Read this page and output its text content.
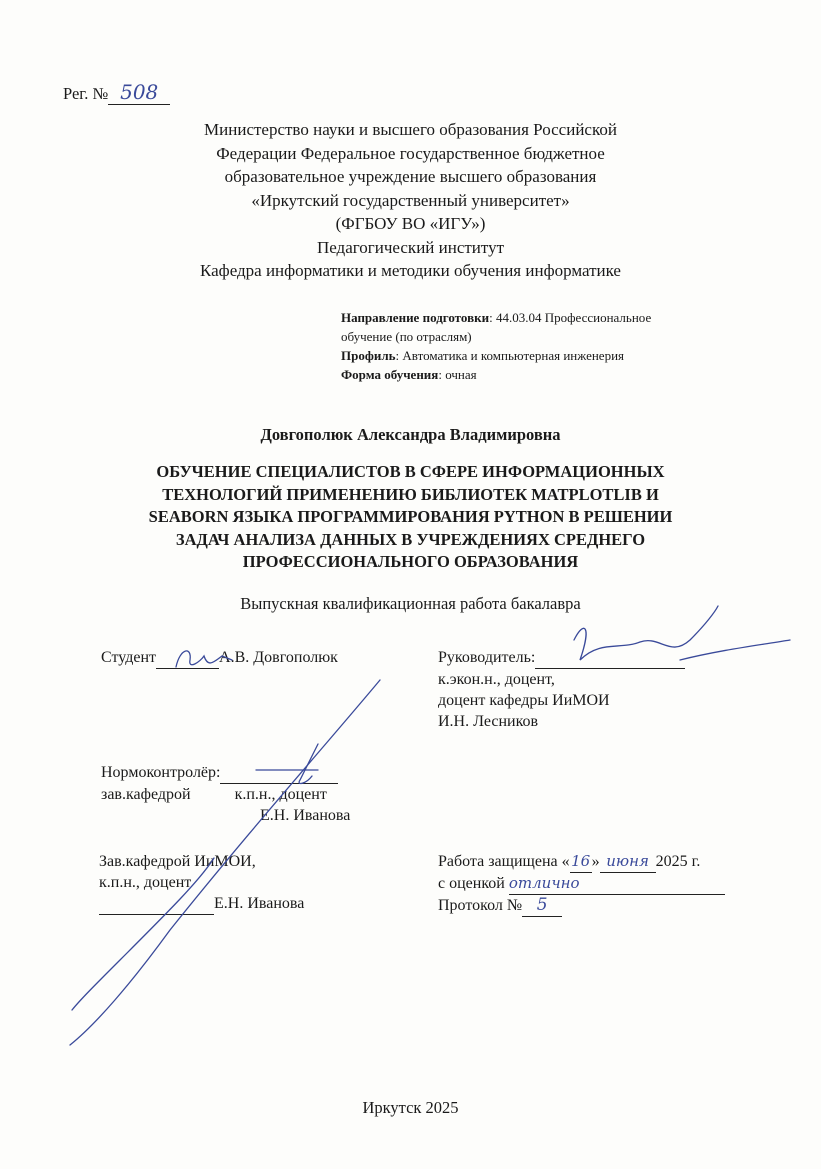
Рег. № 508
Министерство науки и высшего образования Российской
Федерации Федеральное государственное бюджетное
образовательное учреждение высшего образования
«Иркутский государственный университет»
(ФГБОУ ВО «ИГУ»)
Педагогический институт
Кафедра информатики и методики обучения информатике
Направление подготовки: 44.03.04 Профессиональное
обучение (по отраслям)
Профиль: Автоматика и компьютерная инженерия
Форма обучения: очная
Довгополюк Александра Владимировна
ОБУЧЕНИЕ СПЕЦИАЛИСТОВ В СФЕРЕ ИНФОРМАЦИОННЫХ
ТЕХНОЛОГИЙ ПРИМЕНЕНИЮ БИБЛИОТЕК MATPLOTLIB И
SEABORN ЯЗЫКА ПРОГРАММИРОВАНИЯ PYTHON В РЕШЕНИИ
ЗАДАЧ АНАЛИЗА ДАННЫХ В УЧРЕЖДЕНИЯХ СРЕДНЕГО
ПРОФЕССИОНАЛЬНОГО ОБРАЗОВАНИЯ
Выпускная квалификационная работа бакалавра
Студент	А.В. Довгополюк	Руководитель:
к.экон.н., доцент,
доцент кафедры ИиМОИ
И.Н. Лесников
Нормоконтролёр:
зав.кафедрой	к.п.н., доцент
Е.Н. Иванова
Зав.кафедрой ИиМОИ,
к.п.н., доцент
Е.Н. Иванова
Работа защищена «16» июня 2025 г.
с оценкой отлично
Протокол № 5
Иркутск 2025
